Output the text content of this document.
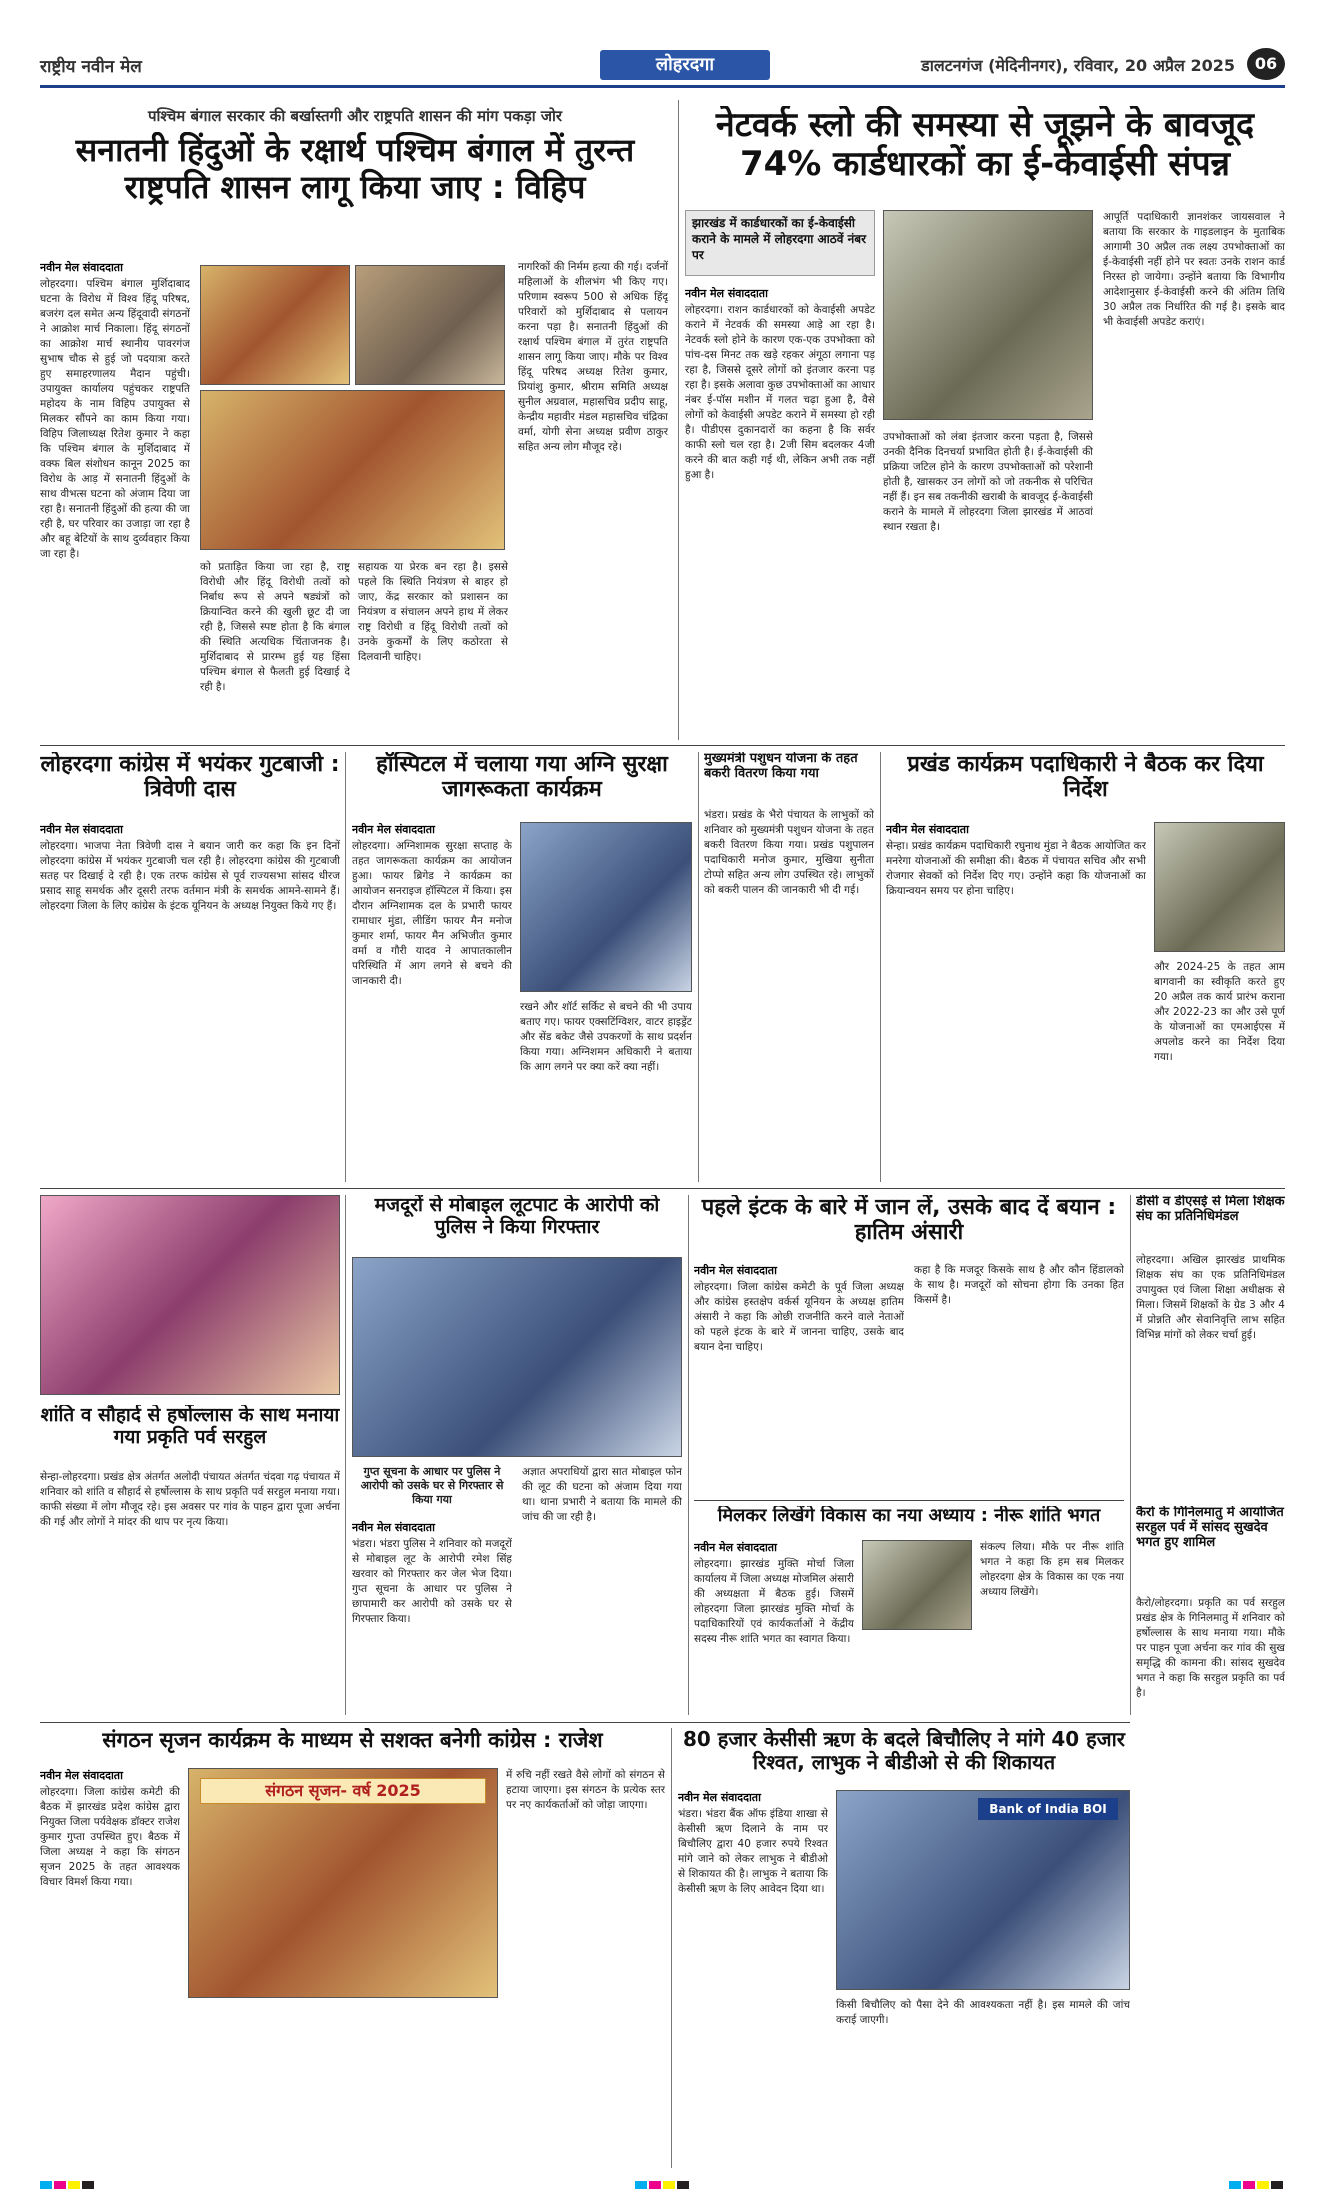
राष्ट्रीय नवीन मेल	लोहरदगा	डालटनगंज (मेदिनीनगर), रविवार, 20 अप्रैल 2025	06
पश्चिम बंगाल सरकार की बर्खास्तगी और राष्ट्रपति शासन की मांग पकड़ा जोर
सनातनी हिंदुओं के रक्षार्थ पश्चिम बंगाल में तुरन्त राष्ट्रपति शासन लागू किया जाए : विहिप
नवीन मेल संवाददाता
लोहरदगा। पश्चिम बंगाल मुर्शिदाबाद घटना के विरोध में विश्व हिंदू परिषद, बजरंग दल समेत अन्य हिंदूवादी संगठनों ने आक्रोश मार्च निकाला। हिंदू संगठनों का आक्रोश मार्च स्थानीय पावरगंज सुभाष चौक से हुई जो पदयात्रा करते हुए समाहरणालय मैदान पहुंची। उपायुक्त कार्यालय पहुंचकर राष्ट्रपति महोदय के नाम विहिप उपायुक्त से मिलकर सौंपने का काम किया गया। विहिप जिलाध्यक्ष रितेश कुमार ने कहा कि पश्चिम बंगाल के मुर्शिदाबाद में वक्फ बिल संशोधन कानून 2025 का विरोध के आड़ में सनातनी हिंदुओं के साथ वीभत्स घटना को अंजाम दिया जा रहा है। सनातनी हिंदुओं की हत्या की जा रही है, घर परिवार का उजाड़ा जा रहा है और बहू बेटियों के साथ दुर्व्यवहार किया जा रहा है।
को प्रताड़ित किया जा रहा है, राष्ट्र विरोधी और हिंदू विरोधी तत्वों को निर्बाध रूप से अपने षड्यंत्रों को क्रियान्वित करने की खुली छूट दी जा रही है, जिससे स्पष्ट होता है कि बंगाल की स्थिति अत्यधिक चिंताजनक है। मुर्शिदाबाद से प्रारम्भ हुई यह हिंसा पश्चिम बंगाल से फैलती हुई दिखाई दे रही है।
सहायक या प्रेरक बन रहा है। इससे पहले कि स्थिति नियंत्रण से बाहर हो जाए, केंद्र सरकार को प्रशासन का नियंत्रण व संचालन अपने हाथ में लेकर राष्ट्र विरोधी व हिंदू विरोधी तत्वों को उनके कुकर्मों के लिए कठोरता से दिलवानी चाहिए।
नागरिकों की निर्मम हत्या की गई। दर्जनों महिलाओं के शीलभंग भी किए गए। परिणाम स्वरूप 500 से अधिक हिंदू परिवारों को मुर्शिदाबाद से पलायन करना पड़ा है। सनातनी हिंदुओं की रक्षार्थ पश्चिम बंगाल में तुरंत राष्ट्रपति शासन लागू किया जाए। मौके पर विश्व हिंदू परिषद अध्यक्ष रितेश कुमार, प्रियांशु कुमार, श्रीराम समिति अध्यक्ष सुनील अग्रवाल, महासचिव प्रदीप साहू, केन्द्रीय महावीर मंडल महासचिव चंद्रिका वर्मा, योगी सेना अध्यक्ष प्रवीण ठाकुर सहित अन्य लोग मौजूद रहे।
नेटवर्क स्लो की समस्या से जूझने के बावजूद 74% कार्डधारकों का ई-केवाईसी संपन्न
झारखंड में कार्डधारकों का ई-केवाईसी कराने के मामले में लोहरदगा आठवें नंबर पर
नवीन मेल संवाददाता
लोहरदगा। राशन कार्डधारकों को केवाईसी अपडेट कराने में नेटवर्क की समस्या आड़े आ रहा है। नेटवर्क स्लो होने के कारण एक-एक उपभोक्ता को पांच-दस मिनट तक खड़े रहकर अंगूठा लगाना पड़ रहा है, जिससे दूसरे लोगों को इंतजार करना पड़ रहा है। इसके अलावा कुछ उपभोक्ताओं का आधार नंबर ई-पॉस मशीन में गलत चढ़ा हुआ है, वैसे लोगों को केवाईसी अपडेट कराने में समस्या हो रही है। पीडीएस दुकानदारों का कहना है कि सर्वर काफी स्लो चल रहा है। 2जी सिम बदलकर 4जी करने की बात कही गई थी, लेकिन अभी तक नहीं हुआ है।
उपभोक्ताओं को लंबा इंतजार करना पड़ता है, जिससे उनकी दैनिक दिनचर्या प्रभावित होती है। ई-केवाईसी की प्रक्रिया जटिल होने के कारण उपभोक्ताओं को परेशानी होती है, खासकर उन लोगों को जो तकनीक से परिचित नहीं हैं। इन सब तकनीकी खराबी के बावजूद ई-केवाईसी कराने के मामले में लोहरदगा जिला झारखंड में आठवां स्थान रखता है।
आपूर्ति पदाधिकारी ज्ञानशंकर जायसवाल ने बताया कि सरकार के गाइडलाइन के मुताबिक आगामी 30 अप्रैल तक लक्ष्य उपभोक्ताओं का ई-केवाईसी नहीं होने पर स्वतः उनके राशन कार्ड निरस्त हो जायेगा। उन्होंने बताया कि विभागीय आदेशानुसार ई-केवाईसी करने की अंतिम तिथि 30 अप्रैल तक निर्धारित की गई है। इसके बाद भी केवाईसी अपडेट कराएं।
लोहरदगा कांग्रेस में भयंकर गुटबाजी : त्रिवेणी दास
नवीन मेल संवाददाता
लोहरदगा। भाजपा नेता त्रिवेणी दास ने बयान जारी कर कहा कि इन दिनों लोहरदगा कांग्रेस में भयंकर गुटबाजी चल रही है। लोहरदगा कांग्रेस की गुटबाजी सतह पर दिखाई दे रही है। एक तरफ कांग्रेस से पूर्व राज्यसभा सांसद धीरज प्रसाद साहू समर्थक और दूसरी तरफ वर्तमान मंत्री के समर्थक आमने-सामने हैं। लोहरदगा जिला के लिए कांग्रेस के इंटक यूनियन के अध्यक्ष नियुक्त किये गए हैं।
हॉस्पिटल में चलाया गया अग्नि सुरक्षा जागरूकता कार्यक्रम
नवीन मेल संवाददाता
लोहरदगा। अग्निशामक सुरक्षा सप्ताह के तहत जागरूकता कार्यक्रम का आयोजन हुआ। फायर ब्रिगेड ने कार्यक्रम का आयोजन सनराइज हॉस्पिटल में किया। इस दौरान अग्निशामक दल के प्रभारी फायर रामाधार मुंडा, लीडिंग फायर मैन मनोज कुमार शर्मा, फायर मैन अभिजीत कुमार वर्मा व गौरी यादव ने आपातकालीन परिस्थिति में आग लगने से बचने की जानकारी दी।
रखने और शॉर्ट सर्किट से बचने की भी उपाय बताए गए। फायर एक्सटिंग्विशर, वाटर हाइड्रेंट और सेंड बकेट जैसे उपकरणों के साथ प्रदर्शन किया गया। अग्निशमन अधिकारी ने बताया कि आग लगने पर क्या करें क्या नहीं।
मुख्यमंत्री पशुधन योजना के तहत बकरी वितरण किया गया
भंडरा। प्रखंड के भैरो पंचायत के लाभुकों को शनिवार को मुख्यमंत्री पशुधन योजना के तहत बकरी वितरण किया गया। प्रखंड पशुपालन पदाधिकारी मनोज कुमार, मुखिया सुनीता टोप्पो सहित अन्य लोग उपस्थित रहे। लाभुकों को बकरी पालन की जानकारी भी दी गई।
प्रखंड कार्यक्रम पदाधिकारी ने बैठक कर दिया निर्देश
नवीन मेल संवाददाता
सेन्हा। प्रखंड कार्यक्रम पदाधिकारी रघुनाथ मुंडा ने बैठक आयोजित कर मनरेगा योजनाओं की समीक्षा की। बैठक में पंचायत सचिव और सभी रोजगार सेवकों को निर्देश दिए गए। उन्होंने कहा कि योजनाओं का क्रियान्वयन समय पर होना चाहिए।
और 2024-25 के तहत आम बागवानी का स्वीकृति करते हुए 20 अप्रैल तक कार्य प्रारंभ कराना और 2022-23 का और उसे पूर्ण के योजनाओं का एमआईएस में अपलोड करने का निर्देश दिया गया।
शांति व सौहार्द से हर्षोल्लास के साथ मनाया गया प्रकृति पर्व सरहुल
सेन्हा-लोहरदगा। प्रखंड क्षेत्र अंतर्गत अलोदी पंचायत अंतर्गत चंदवा गढ़ पंचायत में शनिवार को शांति व सौहार्द से हर्षोल्लास के साथ प्रकृति पर्व सरहुल मनाया गया। काफी संख्या में लोग मौजूद रहे। इस अवसर पर गांव के पाहन द्वारा पूजा अर्चना की गई और लोगों ने मांदर की थाप पर नृत्य किया।
मजदूरों से मोबाइल लूटपाट के आरोपी को पुलिस ने किया गिरफ्तार
गुप्त सूचना के आधार पर पुलिस ने आरोपी को उसके घर से गिरफ्तार से किया गया
नवीन मेल संवाददाता
भंडरा। भंडरा पुलिस ने शनिवार को मजदूरों से मोबाइल लूट के आरोपी रमेश सिंह खरवार को गिरफ्तार कर जेल भेज दिया। गुप्त सूचना के आधार पर पुलिस ने छापामारी कर आरोपी को उसके घर से गिरफ्तार किया।
अज्ञात अपराधियों द्वारा सात मोबाइल फोन की लूट की घटना को अंजाम दिया गया था। थाना प्रभारी ने बताया कि मामले की जांच की जा रही है।
पहले इंटक के बारे में जान लें, उसके बाद दें बयान : हातिम अंसारी
नवीन मेल संवाददाता
लोहरदगा। जिला कांग्रेस कमेटी के पूर्व जिला अध्यक्ष और कांग्रेस हस्तक्षेप वर्कर्स यूनियन के अध्यक्ष हातिम अंसारी ने कहा कि ओछी राजनीति करने वाले नेताओं को पहले इंटक के बारे में जानना चाहिए, उसके बाद बयान देना चाहिए।
कहा है कि मजदूर किसके साथ है और कौन हिंडालको के साथ है। मजदूरों को सोचना होगा कि उनका हित किसमें है।
डीसी व डीएसई से मिला शिक्षक संघ का प्रतिनिधिमंडल
लोहरदगा। अखिल झारखंड प्राथमिक शिक्षक संघ का एक प्रतिनिधिमंडल उपायुक्त एवं जिला शिक्षा अधीक्षक से मिला। जिसमें शिक्षकों के ग्रेड 3 और 4 में प्रोन्नति और सेवानिवृत्ति लाभ सहित विभिन्न मांगों को लेकर चर्चा हुई।
मिलकर लिखेंगे विकास का नया अध्याय : नीरू शांति भगत
नवीन मेल संवाददाता
लोहरदगा। झारखंड मुक्ति मोर्चा जिला कार्यालय में जिला अध्यक्ष मोजमिल अंसारी की अध्यक्षता में बैठक हुई। जिसमें लोहरदगा जिला झारखंड मुक्ति मोर्चा के पदाधिकारियों एवं कार्यकर्ताओं ने केंद्रीय सदस्य नीरू शांति भगत का स्वागत किया।
संकल्प लिया। मौके पर नीरू शांति भगत ने कहा कि हम सब मिलकर लोहरदगा क्षेत्र के विकास का एक नया अध्याय लिखेंगे।
कैरो के गिनिलमातु में आयोजित सरहुल पर्व में सांसद सुखदेव भगत हुए शामिल
कैरो/लोहरदगा। प्रकृति का पर्व सरहुल प्रखंड क्षेत्र के गिनिलमातु में शनिवार को हर्षोल्लास के साथ मनाया गया। मौके पर पाहन पूजा अर्चना कर गांव की सुख समृद्धि की कामना की। सांसद सुखदेव भगत ने कहा कि सरहुल प्रकृति का पर्व है।
संगठन सृजन कार्यक्रम के माध्यम से सशक्त बनेगी कांग्रेस : राजेश
नवीन मेल संवाददाता
लोहरदगा। जिला कांग्रेस कमेटी की बैठक में झारखंड प्रदेश कांग्रेस द्वारा नियुक्त जिला पर्यवेक्षक डॉक्टर राजेश कुमार गुप्ता उपस्थित हुए। बैठक में जिला अध्यक्ष ने कहा कि संगठन सृजन 2025 के तहत आवश्यक विचार विमर्श किया गया।
संगठन सृजन- वर्ष 2025
में रुचि नहीं रखते वैसे लोगों को संगठन से हटाया जाएगा। इस संगठन के प्रत्येक स्तर पर नए कार्यकर्ताओं को जोड़ा जाएगा।
80 हजार केसीसी ऋण के बदले बिचौलिए ने मांगे 40 हजार रिश्वत, लाभुक ने बीडीओ से की शिकायत
नवीन मेल संवाददाता
भंडरा। भंडरा बैंक ऑफ इंडिया शाखा से केसीसी ऋण दिलाने के नाम पर बिचौलिए द्वारा 40 हजार रुपये रिश्वत मांगे जाने को लेकर लाभुक ने बीडीओ से शिकायत की है। लाभुक ने बताया कि केसीसी ऋण के लिए आवेदन दिया था।
Bank of India BOI
किसी बिचौलिए को पैसा देने की आवश्यकता नहीं है। इस मामले की जांच कराई जाएगी।
